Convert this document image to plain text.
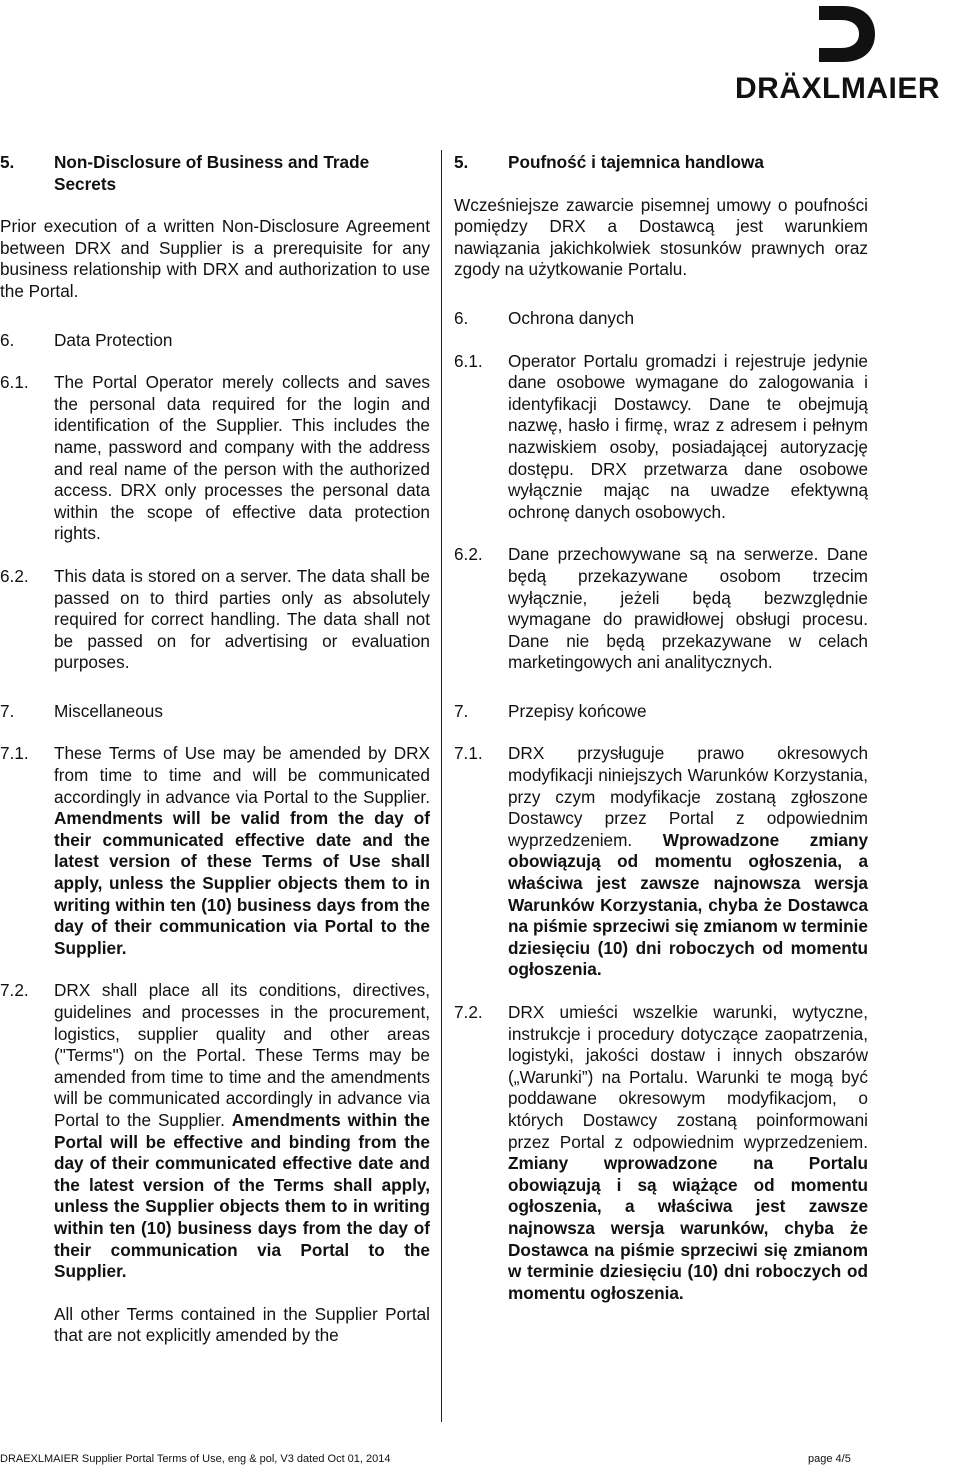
DRÄXLMAIER
5.	Non-Disclosure of Business and Trade Secrets

Prior execution of a written Non-Disclosure Agreement between DRX and Supplier is a prerequisite for any business relationship with DRX and authorization to use the Portal.

6.	Data Protection
6.1.	The Portal Operator merely collects and saves the personal data required for the login and identification of the Supplier. This includes the name, password and company with the address and real name of the person with the authorized access. DRX only processes the personal data within the scope of effective data protection rights.
6.2.	This data is stored on a server. The data shall be passed on to third parties only as absolutely required for correct handling. The data shall not be passed on for advertising or evaluation purposes.
7.	Miscellaneous
7.1.	These Terms of Use may be amended by DRX from time to time and will be communicated accordingly in advance via Portal to the Supplier. Amendments will be valid from the day of their communicated effective date and the latest version of these Terms of Use shall apply, unless the Supplier objects them to in writing within ten (10) business days from the day of their communication via Portal to the Supplier.
7.2.	DRX shall place all its conditions, directives, guidelines and processes in the procurement, logistics, supplier quality and other areas ("Terms") on the Portal. These Terms may be amended from time to time and the amendments will be communicated accordingly in advance via Portal to the Supplier. Amendments within the Portal will be effective and binding from the day of their communicated effective date and the latest version of the Terms shall apply, unless the Supplier objects them to in writing within ten (10) business days from the day of their communication via Portal to the Supplier.
All other Terms contained in the Supplier Portal that are not explicitly amended by the
5.	Poufność i tajemnica handlowa

Wcześniejsze zawarcie pisemnej umowy o poufności pomiędzy DRX a Dostawcą jest warunkiem nawiązania jakichkolwiek stosunków prawnych oraz zgody na użytkowanie Portalu.

6.	Ochrona danych
6.1.	Operator Portalu gromadzi i rejestruje jedynie dane osobowe wymagane do zalogowania i identyfikacji Dostawcy. Dane te obejmują nazwę, hasło i firmę, wraz z adresem i pełnym nazwiskiem osoby, posiadającej autoryzację dostępu. DRX przetwarza dane osobowe wyłącznie mając na uwadze efektywną ochronę danych osobowych.
6.2.	Dane przechowywane są na serwerze. Dane będą przekazywane osobom trzecim wyłącznie, jeżeli będą bezwzględnie wymagane do prawidłowej obsługi procesu. Dane nie będą przekazywane w celach marketingowych ani analitycznych.
7.	Przepisy końcowe
7.1.	DRX przysługuje prawo okresowych modyfikacji niniejszych Warunków Korzystania, przy czym modyfikacje zostaną zgłoszone Dostawcy przez Portal z odpowiednim wyprzedzeniem. Wprowadzone zmiany obowiązują od momentu ogłoszenia, a właściwa jest zawsze najnowsza wersja Warunków Korzystania, chyba że Dostawca na piśmie sprzeciwi się zmianom w terminie dziesięciu (10) dni roboczych od momentu ogłoszenia.
7.2.	DRX umieści wszelkie warunki, wytyczne, instrukcje i procedury dotyczące zaopatrzenia, logistyki, jakości dostaw i innych obszarów („Warunki”) na Portalu. Warunki te mogą być poddawane okresowym modyfikacjom, o których Dostawcy zostaną poinformowani przez Portal z odpowiednim wyprzedzeniem. Zmiany wprowadzone na Portalu obowiązują i są wiążące od momentu ogłoszenia, a właściwa jest zawsze najnowsza wersja warunków, chyba że Dostawca na piśmie sprzeciwi się zmianom w terminie dziesięciu (10) dni roboczych od momentu ogłoszenia.
DRAEXLMAIER Supplier Portal Terms of Use, eng & pol, V3 dated Oct 01, 2014	page 4/5
